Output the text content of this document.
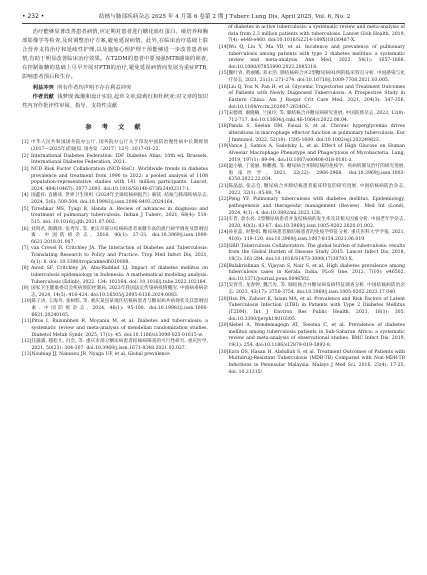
• 232 •	结核与肺部疾病杂志 2025 年 4 月第 6 卷第 2 期 J Tuberc Lung Dis, April 2025, Vol. 6, No. 2

治疗能够显著改善患者病情,应定期对患者进行糖化血红蛋白、痰培养和胸部影像学等检查,及时调整治疗方案,避免延误病情。此外,在临床治疗基础上联合营养支持治疗和延续性护理,以及施加心理护理干预能够进一步改善患者病情,有助于明显改善临床治疗效果。在T2DM的患者中要加强MTB感染的筛查,在控制血糖的基础上尽早开展对PTB的治疗,避免延误病情而发展为重症PTB,影响患者预后和生存。

利益冲突 所有作者均声明不存在利益冲突

作者贡献 钱梦现:酝酿和设计实验,起草文章;陆莉红和杜秋亚:对文章的知识性内容作批评性审阅、指导、支持性贡献

参 考 文 献
[1] 中华人民共和国国务院办公厅. 国务院办公厅关于印发中国防治慢性病中长期规划(2017—2025年)的通知. 国办发〔2017〕12号. 2017-01-22.
[2] International Diabetes Federation. IDF Diabetes Atlas, 10th ed. Brussels, International Diabetes Federation, 2021.
[3] NCD Risk Factor Collaboration (NCD-RisC). Worldwide trends in diabetes prevalence and treatment from 1990 to 2022: a pooled analysis of 1108 population-representative studies with 141 million participants. Lancet, 2024, 404(10467): 2077-2093. doi:10.1016/S0140-6736(24)02317-1.
[4] 国鑫祥: 直播谈. 世界卫生组织《2024年全球结核病报告》解读. 结核与肺部疾病杂志, 2024, 5(6): 500-504. doi:10.19983/j.issn.2096-8493.2024164.
[5] Tiroshkar MS, Tyagi R, Handa A. Review of advances in diagnosis and treatment of pulmonary tuberculosis. Indian J Tuberc, 2021, 68(4): 510-515. doi: 10.1016/j.ijtb.2021.07.002.
[6] 刘剑君, 陶晓珍, 张秀军, 等. 重庆市部分结核病患者血糖升高的流行病学调查及影响因素. 中国防痨杂志, 2018, 40(1): 27-33. doi:10.3969/j.issn.1000-6621.2018.01.007.
[7] van Crevel R, Critchley JA. The Interaction of Diabetes and Tuberculosis: Translating Research to Policy and Practice. Trop Med Infect Dis, 2021, 6(1): 8. doi: 10.3390/tropicalmed6010008.
[8] Awad SF, Critchley JA, Abu-Raddad LJ. Impact of diabetes mellitus on tuberculosis epidemiology in Indonesia: A mathematical modeling analysis. Tuberculosis (Edinb), 2022, 134: 102164. doi: 10.1016/j.tube.2022.102164.
[9] 国家卫生健康委员会疾病预防控制局, 2023年我国法定传染病疫情概况. 中国病毒病杂志, 2024, 14(5): 416-424. doi:10.16505/j.2095-0136.2024.0083.
[10] 陈子涛, 王海舟, 张树辉, 等. 重庆某县某地区结核病患者与糖尿病共病现状及其影响因素. 中国防痨杂志, 2024, 46(1): 95-100. doi:10.19982/j.issn.1000-6621.20240165.
[11] Pitus I, Ruzunbhen R, Moyaniu M, et al. Diabetes and tuberculosis: a systematic review and meta-analysis of mendelian randomization studies. Diabetol Metab Syndr, 2025, 17(1): 45. doi:10.1186/s13098-025-01615-w.
[12] 任露露, 越松儿, 冯会, 等. 重庆市部分糖尿病患者结核病筛查的可行性研究. 重庆医学, 2021, 50(23): 304-307. doi:10.3969/j.issn.1671-8348.2021.02.027.
[13] Noubiap JJ, Nansseu JR, Nyaga UF, et al. Global prevalence
of diabetes in active tuberculosis: a systematic review and meta-analysis of data from 2.3 million patients with tuberculosis. Lancet Glob Health, 2019, 7(4): e448-e460. doi:10.1016/S2214-109X(18)30487-X.
[14] Wu Q, Liu Y, Ma YB, et al. Incidence and prevalence of pulmonary tuberculosis among patients with type 2 diabetes mellitus: a systematic review and meta-analysis. Ann Med, 2022, 54(1): 1657-1666. doi:10.1080/07853890.2022.2085318.
[15] 魏叶青, 黄丽娜, 邓永浩. 肺结核病合并2型糖尿病91例的临床特点分析. 中国感染与化疗杂志, 2021, 21(3): 271-274. doi:10.16718/j.1009-7708.2021.03.005.
[16] Liu Q, You N, Pan H, et al. Glycemic Trajectories and Treatment Outcomes of Patients with Newly Diagnosed Tuberculosis: A Prospective Study in Eastern China. Am J Respir Crit Care Med, 2021, 204(3): 347-356. doi:10.1164/rccm.202007-2634OC.
[17] 宋德周, 谢晓楠, 兰国玲, 等. 肺结核合并糖尿病研究进展. 中国防痨杂志, 2022, 12(8): 712-717. doi:10.13604/j.cnki.46-1064/r.2022.08.04.
[18] Panda S, Seelan DM, Faisal S, et al. Chronic hyperglycemia drives alterations in macrophage effector function in pulmonary tuberculosis. Eur J Immunol, 2022, 52(10): 1595-1609. doi:10.1002/eji.202249823.
[19] Vance J, Santos A, Sadofsky L, et al. Effect of High Glucose on Human Alveolar Macrophage Phenotype and Phagocytosis of Mycobacteria. Lung, 2019, 197(1): 89-94. doi:10.1007/s00408-018-0181-z.
[20] 温小敏, 丁爱丽, 杨鹏燕, 等. 糖尿病合并肺结核的免疫学、疾病机制及治疗的研究进展. 海南医学, 2021, 32(22): 2966-2968. doi:10.3969/j.issn.1003-6350.2022.22.034.
[21] 陈晶晶, 张志会. 糖尿病合并肺结核患者临床特征的研究进展. 中国结核病防治杂志, 2023, 32(1): 85-88, 74.
[22] Peng YF. Pulmonary tuberculosis with diabetes mellitus, Epidemiology, pathogenesis and therapeutic management (Review). Med Int (Lond), 2024, 4(1): 4. doi:10.3892/mi.2023.128.
[23] 车晋, 余水亮. 2型糖尿病患者并发结核病的发生率及其相关因素分析. 中国老年学杂志, 2020, 40(2): 83-87. doi:10.3969/j.issn.1005-9202.2020.01.002.
[24] 孙亚蕊, 时艳娟. 糖尿病患者肺结核患者的免疫学特征分析. 重庆医科大学学报, 2021, 41(6): 119-120. doi:10.3969/j.issn.1007-8134.2021.06.019.
[25] GBD Tuberculosis Collaborators. The global burden of tuberculosis: results from the Global Burden of Disease Study 2015. Lancet Infect Dis, 2018, 18(3): 261-284. doi:10.1016/S1473-3099(17)30703-X.
[26] Balakrishnan S, Vijayan S, Nair S, et al. High diabetes prevalence among tuberculosis cases in Kerala, India. PLoS One, 2012, 7(10): e46502. doi:10.1371/journal.pone.0046502.
[27] 吴春雪, 龙春婷, 魏吉先, 等. 肺结核合并糖尿病发病特征调查分析. 中国结核病防治杂志, 2023, 43(17): 3750-3754. doi:10.3969/j.issn.1005-9202.2023.17.040.
[28] Hsu PA, Zahoor K, Islam MA, et al. Prevalence and Risk Factors of Latent Tuberculosis Infection (LTBI) in Patients with Type 2 Diabetes Mellitus (T2DM). Int J Environ Res Public Health, 2021, 18(1): 305. doi:10.3390/ijerph18010305.
[29] Alebel A, Wondemagegn AT, Tesema C, et al. Prevalence of diabetes mellitus among tuberculosis patients in Sub-Saharan Africa: a systematic review and meta-analysis of observational studies. BMC Infect Dis, 2019, 19(1): 254. doi:10.1186/s12879-019-3892-8.
[30] Ezra OS, Hasan H, Abdullah S, et al. Treatment Outcomes of Patients with Multidrug-Resistant Tuberculosis (MDR-TB) Compared with Non-MDR-TB Infections in Peninsular Malaysia. Malays J Med Sci, 2016, 23(4): 17-25. doi: 10.21315/
